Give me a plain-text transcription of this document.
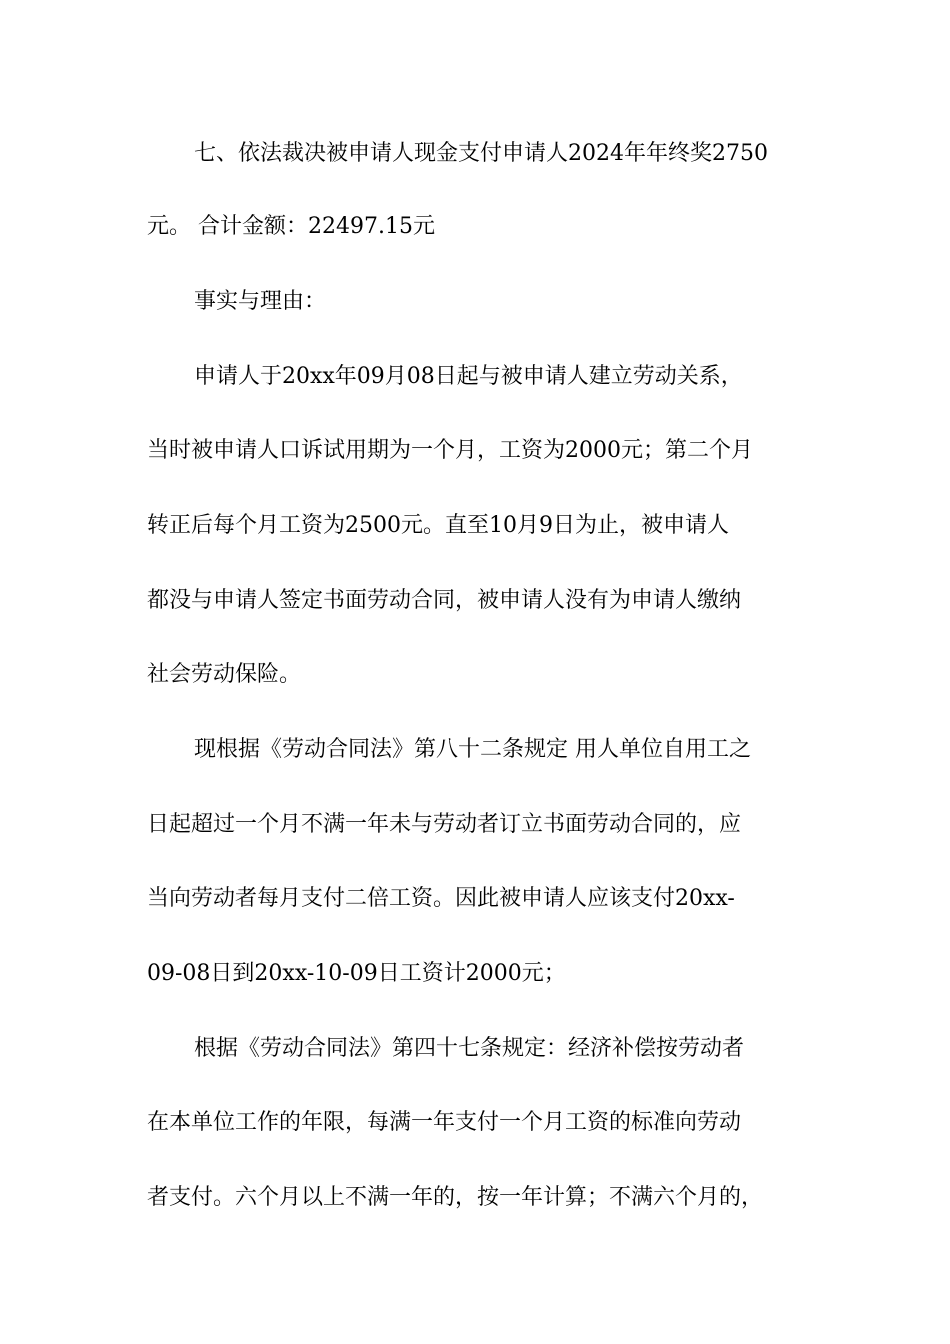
七、依法裁决被申请人现金支付申请人2024年年终奖2750
元。 合计金额：22497.15元
事实与理由：
申请人于20xx年09月08日起与被申请人建立劳动关系，
当时被申请人口诉试用期为一个月，工资为2000元；第二个月
转正后每个月工资为2500元。直至10月9日为止，被申请人
都没与申请人签定书面劳动合同，被申请人没有为申请人缴纳
社会劳动保险。
现根据《劳动合同法》第八十二条规定 用人单位自用工之
日起超过一个月不满一年未与劳动者订立书面劳动合同的，应
当向劳动者每月支付二倍工资。因此被申请人应该支付20xx-
09-08日到20xx-10-09日工资计2000元；
根据《劳动合同法》第四十七条规定：经济补偿按劳动者
在本单位工作的年限，每满一年支付一个月工资的标准向劳动
者支付。六个月以上不满一年的，按一年计算；不满六个月的，
